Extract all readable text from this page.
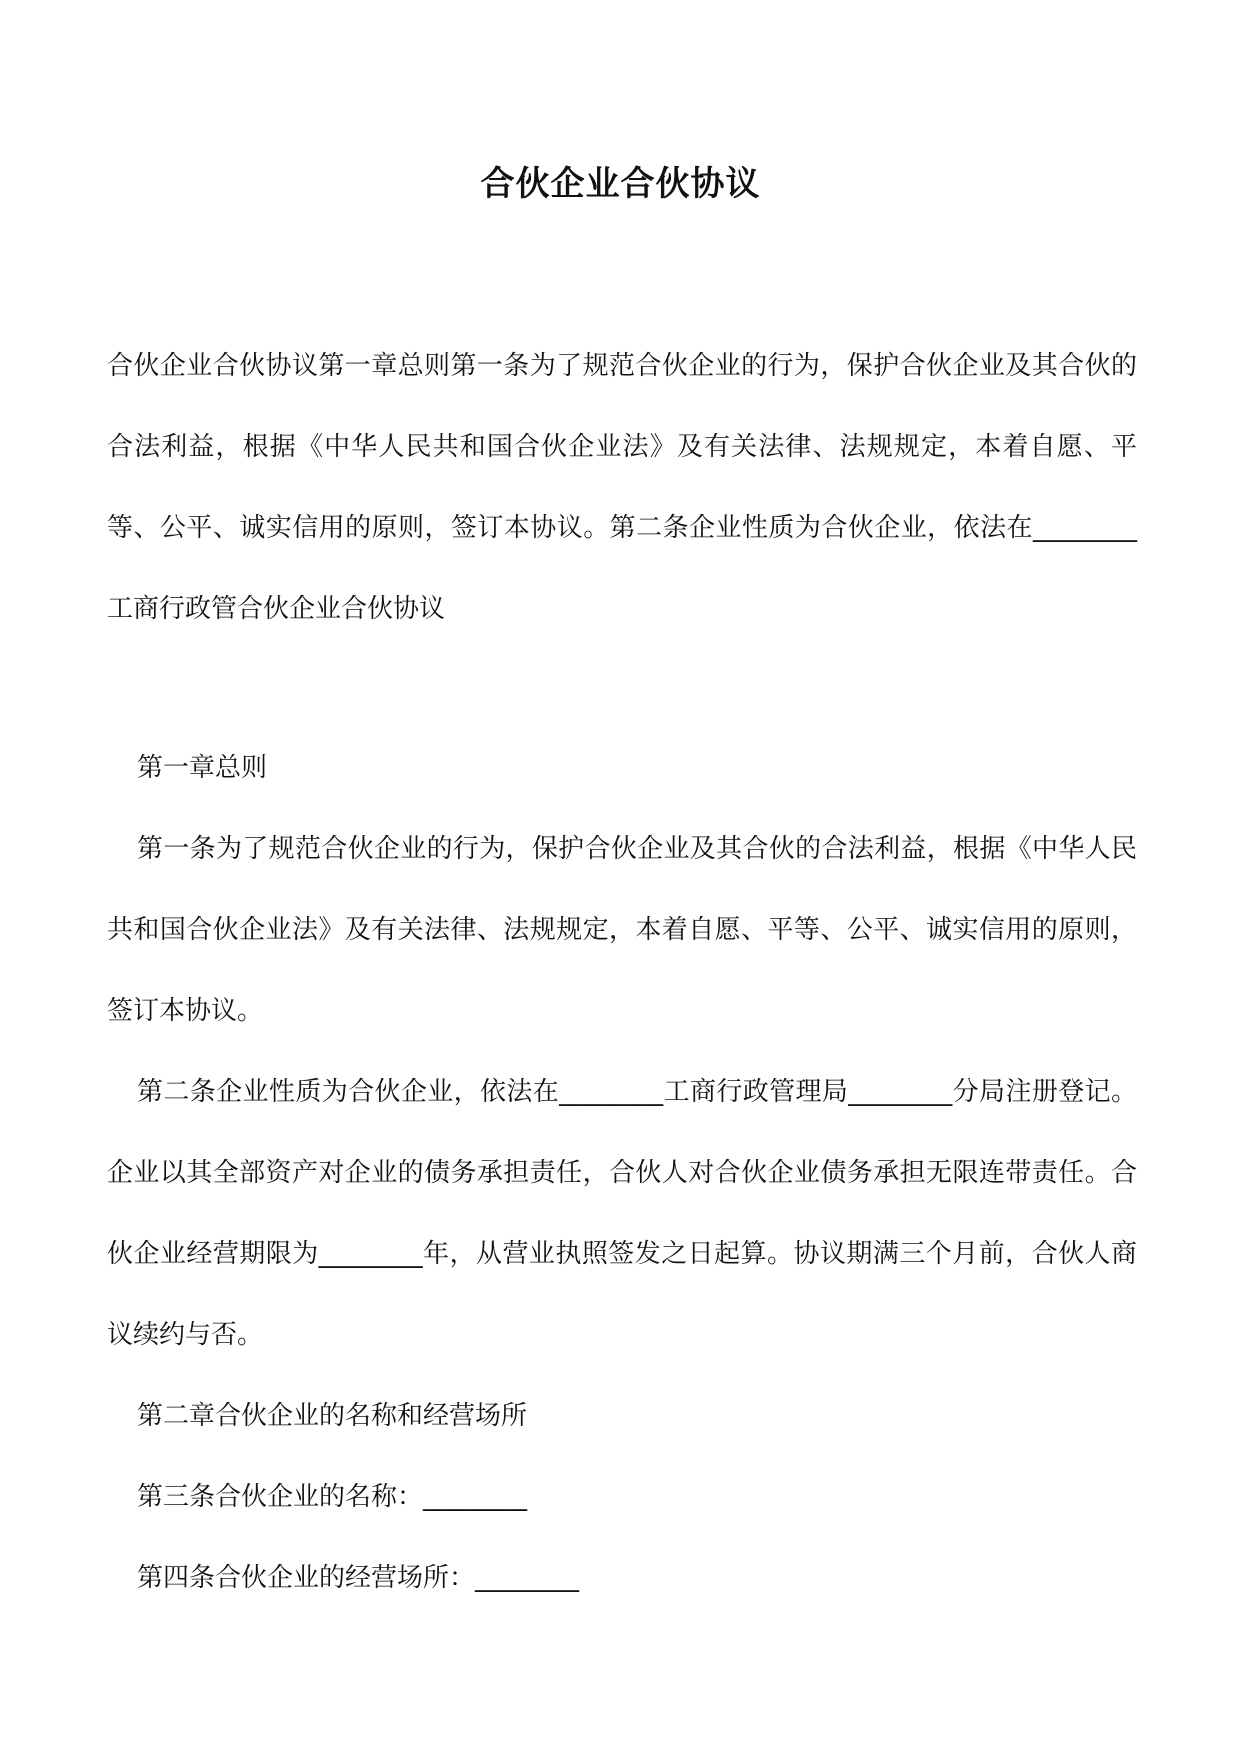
合伙企业合伙协议
合伙企业合伙协议第一章总则第一条为了规范合伙企业的行为，保护合伙企业及其合伙的合法利益，根据《中华人民共和国合伙企业法》及有关法律、法规规定，本着自愿、平等、公平、诚实信用的原则，签订本协议。第二条企业性质为合伙企业，依法在________工商行政管合伙企业合伙协议

第一章总则

第一条为了规范合伙企业的行为，保护合伙企业及其合伙的合法利益，根据《中华人民共和国合伙企业法》及有关法律、法规规定，本着自愿、平等、公平、诚实信用的原则，签订本协议。

第二条企业性质为合伙企业，依法在________工商行政管理局________分局注册登记。企业以其全部资产对企业的债务承担责任，合伙人对合伙企业债务承担无限连带责任。合伙企业经营期限为________年，从营业执照签发之日起算。协议期满三个月前，合伙人商议续约与否。

第二章合伙企业的名称和经营场所

第三条合伙企业的名称：________

第四条合伙企业的经营场所：________
